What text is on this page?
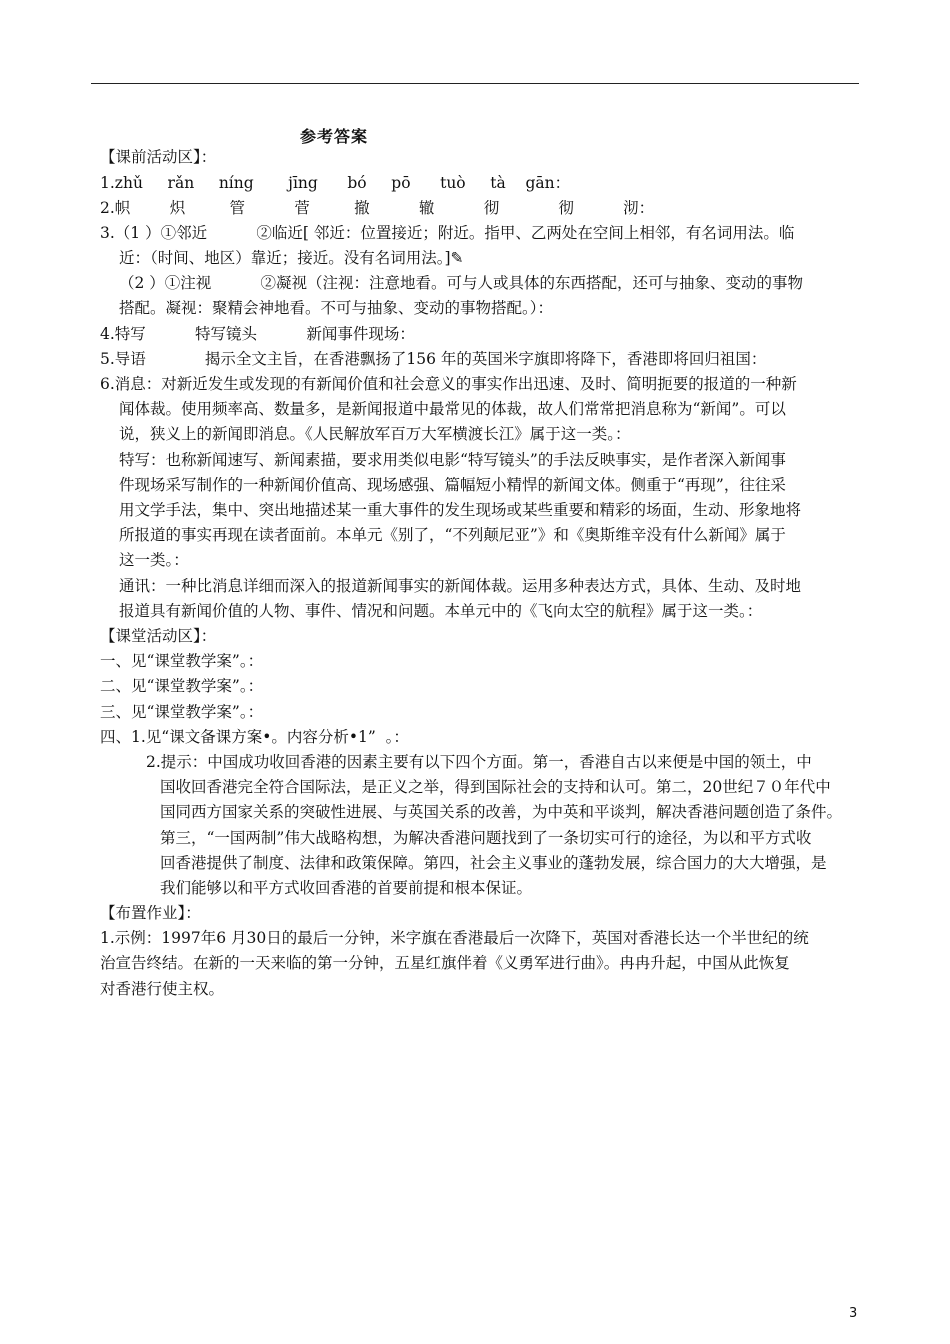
参考答案
【课前活动区】：
1.zhǔ     rǎn     níng       jīng      bó     pō      tuò     tà    gān：
2.帜        炽         管          菅         撤          辙          彻            彻          沏：
3.（1 ）①邻近          ②临近[ 邻近：位置接近；附近。指甲、乙两处在空间上相邻，有名词用法。临
近：（时间、地区）靠近；接近。没有名词用法。]✎
（2 ）①注视          ②凝视（注视：注意地看。可与人或具体的东西搭配，还可与抽象、变动的事物
搭配。凝视：聚精会神地看。不可与抽象、变动的事物搭配。）：
4.特写          特写镜头          新闻事件现场：
5.导语            揭示全文主旨，在香港飘扬了156 年的英国米字旗即将降下，香港即将回归祖国：
6.消息：对新近发生或发现的有新闻价值和社会意义的事实作出迅速、及时、简明扼要的报道的一种新
闻体裁。使用频率高、数量多，是新闻报道中最常见的体裁，故人们常常把消息称为“新闻”。可以
说，狭义上的新闻即消息。《人民解放军百万大军横渡长江》属于这一类。：
特写：也称新闻速写、新闻素描，要求用类似电影“特写镜头”的手法反映事实，是作者深入新闻事
件现场采写制作的一种新闻价值高、现场感强、篇幅短小精悍的新闻文体。侧重于“再现”，往往采
用文学手法，集中、突出地描述某一重大事件的发生现场或某些重要和精彩的场面，生动、形象地将
所报道的事实再现在读者面前。本单元《别了，“不列颠尼亚”》和《奥斯维辛没有什么新闻》属于
这一类。：
通讯：一种比消息详细而深入的报道新闻事实的新闻体裁。运用多种表达方式，具体、生动、及时地
报道具有新闻价值的人物、事件、情况和问题。本单元中的《飞向太空的航程》属于这一类。：
【课堂活动区】：
一、见“课堂教学案”。：
二、见“课堂教学案”。：
三、见“课堂教学案”。：
四、1.见“课文备课方案•。内容分析•1”  。：
2.提示：中国成功收回香港的因素主要有以下四个方面。第一，香港自古以来便是中国的领土，中
国收回香港完全符合国际法，是正义之举，得到国际社会的支持和认可。第二，20世纪７０年代中
国同西方国家关系的突破性进展、与英国关系的改善，为中英和平谈判，解决香港问题创造了条件。
第三，“一国两制”伟大战略构想，为解决香港问题找到了一条切实可行的途径，为以和平方式收
回香港提供了制度、法律和政策保障。第四，社会主义事业的蓬勃发展，综合国力的大大增强，是
我们能够以和平方式收回香港的首要前提和根本保证。
【布置作业】：
1.示例：1997年6 月30日的最后一分钟，米字旗在香港最后一次降下，英国对香港长达一个半世纪的统
治宣告终结。在新的一天来临的第一分钟，五星红旗伴着《义勇军进行曲》。冉冉升起，中国从此恢复
对香港行使主权。
3
